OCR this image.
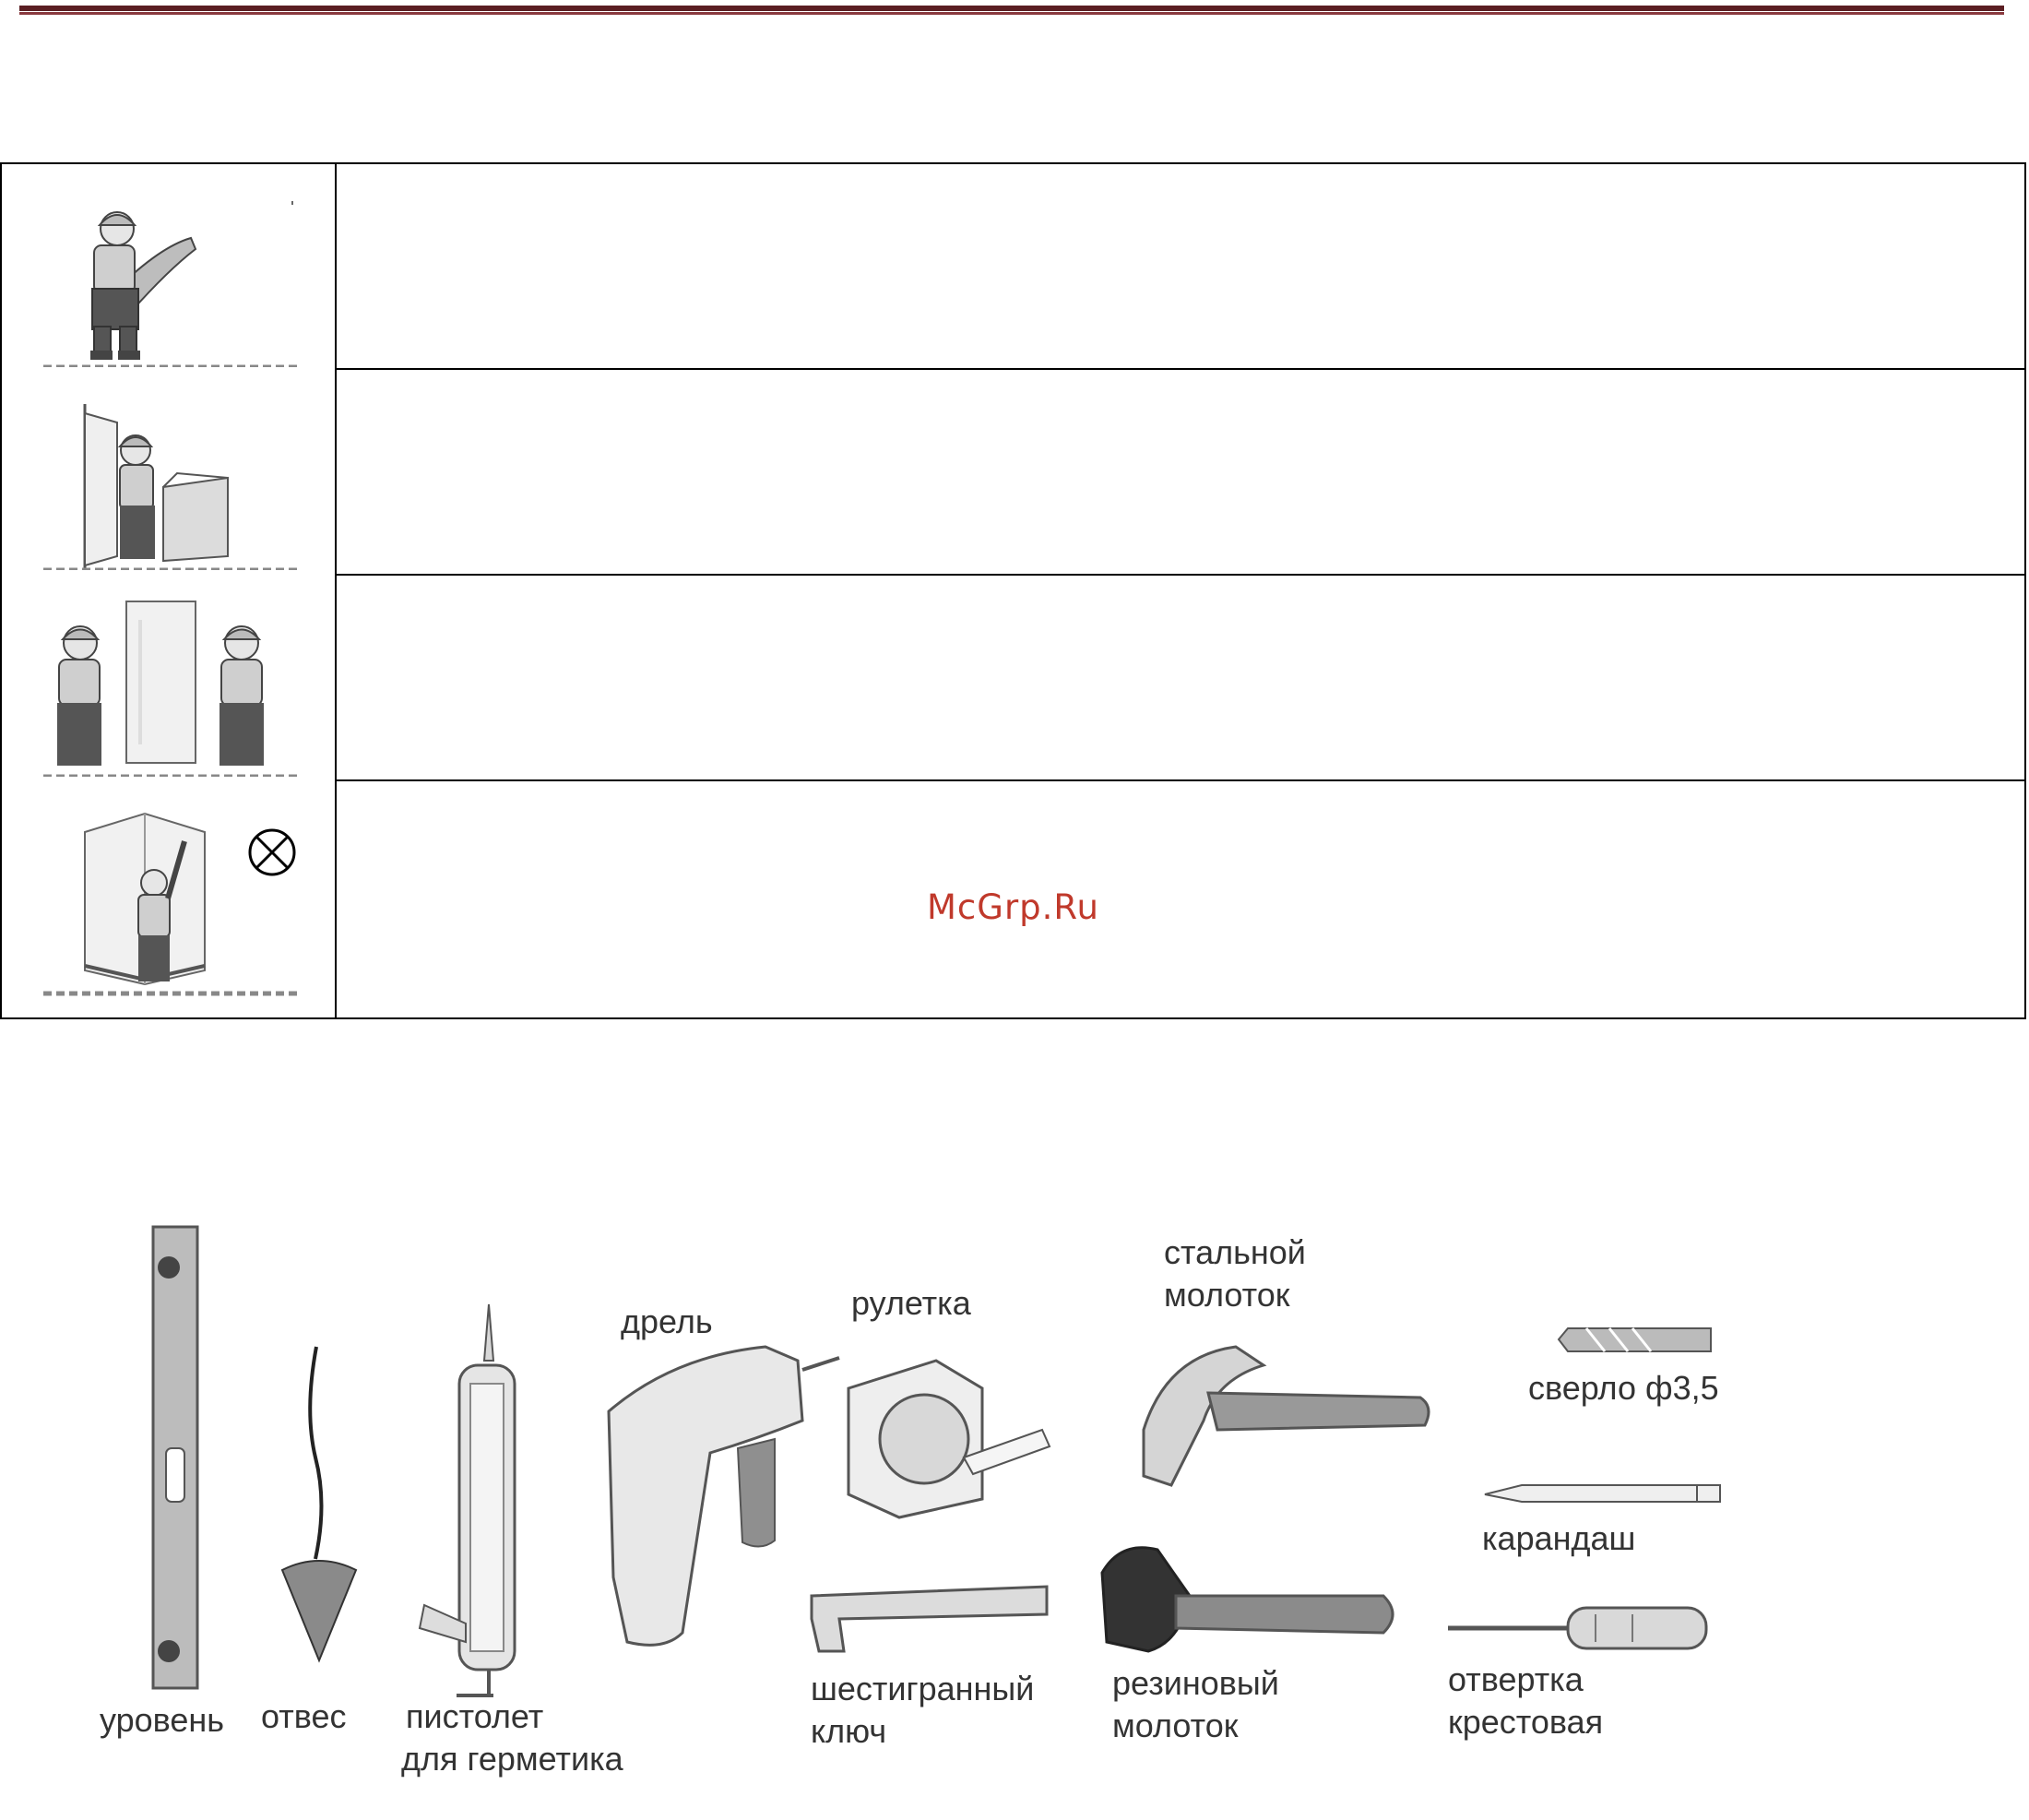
McGrp.Ru
уровень отвес пистолет
для герметика
дрель	рулетка
стальной
молоток
сверло ф3,5
карандаш
шестигранный
ключ
резиновый
молоток
отвертка
крестовая
